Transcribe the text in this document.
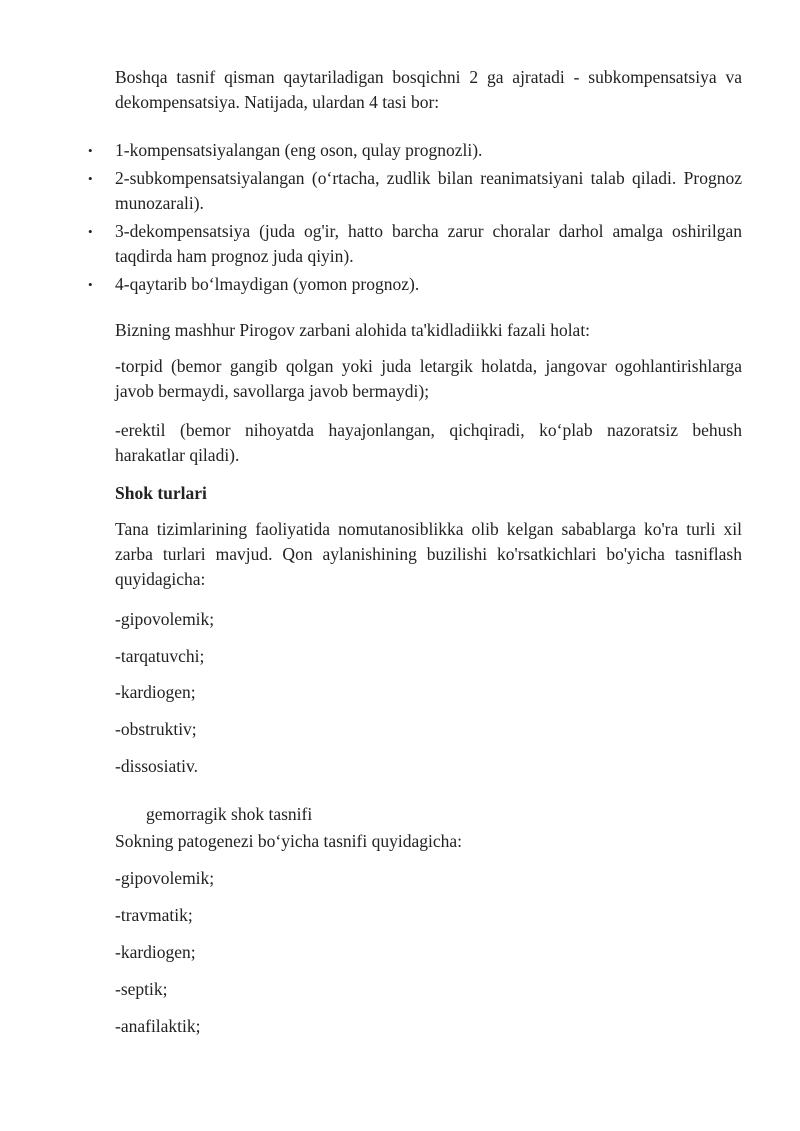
Boshqa tasnif qisman qaytariladigan bosqichni 2 ga ajratadi - subkompensatsiya va dekompensatsiya. Natijada, ulardan 4 tasi bor:

• 1-kompensatsiyalangan (eng oson, qulay prognozli).
• 2-subkompensatsiyalangan (oʻrtacha, zudlik bilan reanimatsiyani talab qiladi. Prognoz munozarali).
• 3-dekompensatsiya (juda og'ir, hatto barcha zarur choralar darhol amalga oshirilgan taqdirda ham prognoz juda qiyin).
• 4-qaytarib boʻlmaydigan (yomon prognoz).

Bizning mashhur Pirogov zarbani alohida ta'kidladiikki fazali holat:

-torpid (bemor gangib qolgan yoki juda letargik holatda, jangovar ogohlantirishlarga javob bermaydi, savollarga javob bermaydi);

-erektil (bemor nihoyatda hayajonlangan, qichqiradi, koʻplab nazoratsiz behush harakatlar qiladi).

Shok turlari

Tana tizimlarining faoliyatida nomutanosiblikka olib kelgan sabablarga ko'ra turli xil zarba turlari mavjud. Qon aylanishining buzilishi ko'rsatkichlari bo'yicha tasniflash quyidagicha:

-gipovolemik;

-tarqatuvchi;

-kardiogen;

-obstruktiv;

-dissosiativ.

gemorragik shok tasnifi

Sokning patogenezi boʻyicha tasnifi quyidagicha:

-gipovolemik;

-travmatik;

-kardiogen;

-septik;

-anafilaktik;
